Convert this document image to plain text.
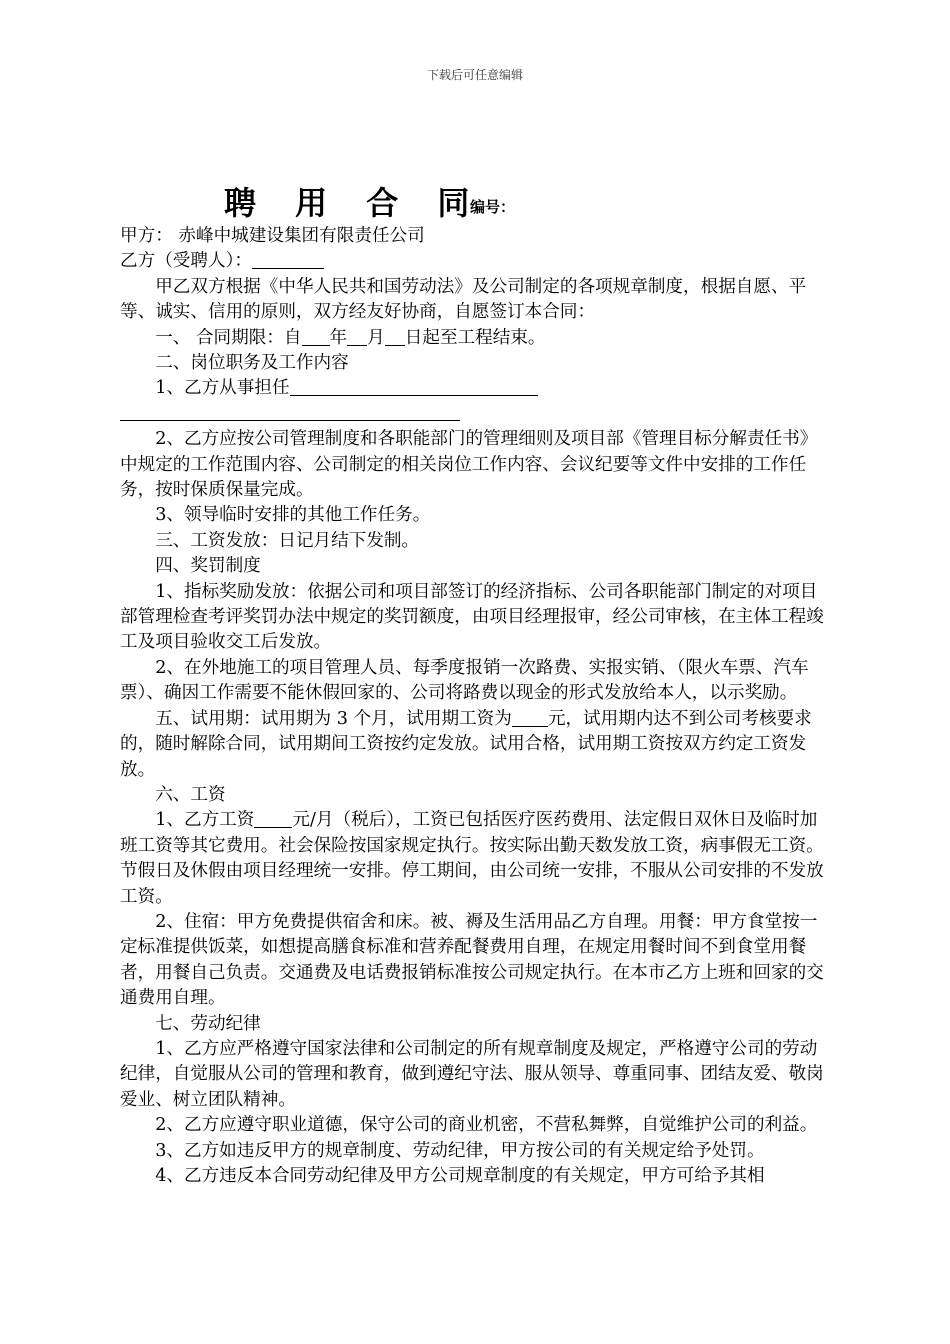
下载后可任意编辑
聘 用 合 同
编号：

甲方： 赤峰中城建设集团有限责任公司

乙方（受聘人）：

甲乙双方根据《中华人民共和国劳动法》及公司制定的各项规章制度，根据自愿、平等、诚实、信用的原则，双方经友好协商，自愿签订本合同：

一、 合同期限：自 年 月 日起至工程结束。

二、岗位职务及工作内容

1、乙方从事担任

2、乙方应按公司管理制度和各职能部门的管理细则及项目部《管理目标分解责任书》中规定的工作范围内容、公司制定的相关岗位工作内容、会议纪要等文件中安排的工作任务，按时保质保量完成。

3、领导临时安排的其他工作任务。

三、工资发放：日记月结下发制。

四、奖罚制度

1、指标奖励发放：依据公司和项目部签订的经济指标、公司各职能部门制定的对项目部管理检查考评奖罚办法中规定的奖罚额度，由项目经理报审，经公司审核，在主体工程竣工及项目验收交工后发放。

2、在外地施工的项目管理人员、每季度报销一次路费、实报实销、（限火车票、汽车票）、确因工作需要不能休假回家的、公司将路费以现金的形式发放给本人，以示奖励。

五、试用期：试用期为 3 个月，试用期工资为 元，试用期内达不到公司考核要求的，随时解除合同，试用期间工资按约定发放。试用合格，试用期工资按双方约定工资发放。

六、工资

1、乙方工资 元/月（税后），工资已包括医疗医药费用、法定假日双休日及临时加班工资等其它费用。社会保险按国家规定执行。按实际出勤天数发放工资，病事假无工资。节假日及休假由项目经理统一安排。停工期间，由公司统一安排，不服从公司安排的不发放工资。

2、住宿：甲方免费提供宿舍和床。被、褥及生活用品乙方自理。用餐：甲方食堂按一定标准提供饭菜，如想提高膳食标准和营养配餐费用自理，在规定用餐时间不到食堂用餐者，用餐自己负责。交通费及电话费报销标准按公司规定执行。在本市乙方上班和回家的交通费用自理。

七、劳动纪律

1、乙方应严格遵守国家法律和公司制定的所有规章制度及规定，严格遵守公司的劳动纪律，自觉服从公司的管理和教育，做到遵纪守法、服从领导、尊重同事、团结友爱、敬岗爱业、树立团队精神。

2、乙方应遵守职业道德，保守公司的商业机密，不营私舞弊，自觉维护公司的利益。

3、乙方如违反甲方的规章制度、劳动纪律，甲方按公司的有关规定给予处罚。

4、乙方违反本合同劳动纪律及甲方公司规章制度的有关规定，甲方可给予其相
